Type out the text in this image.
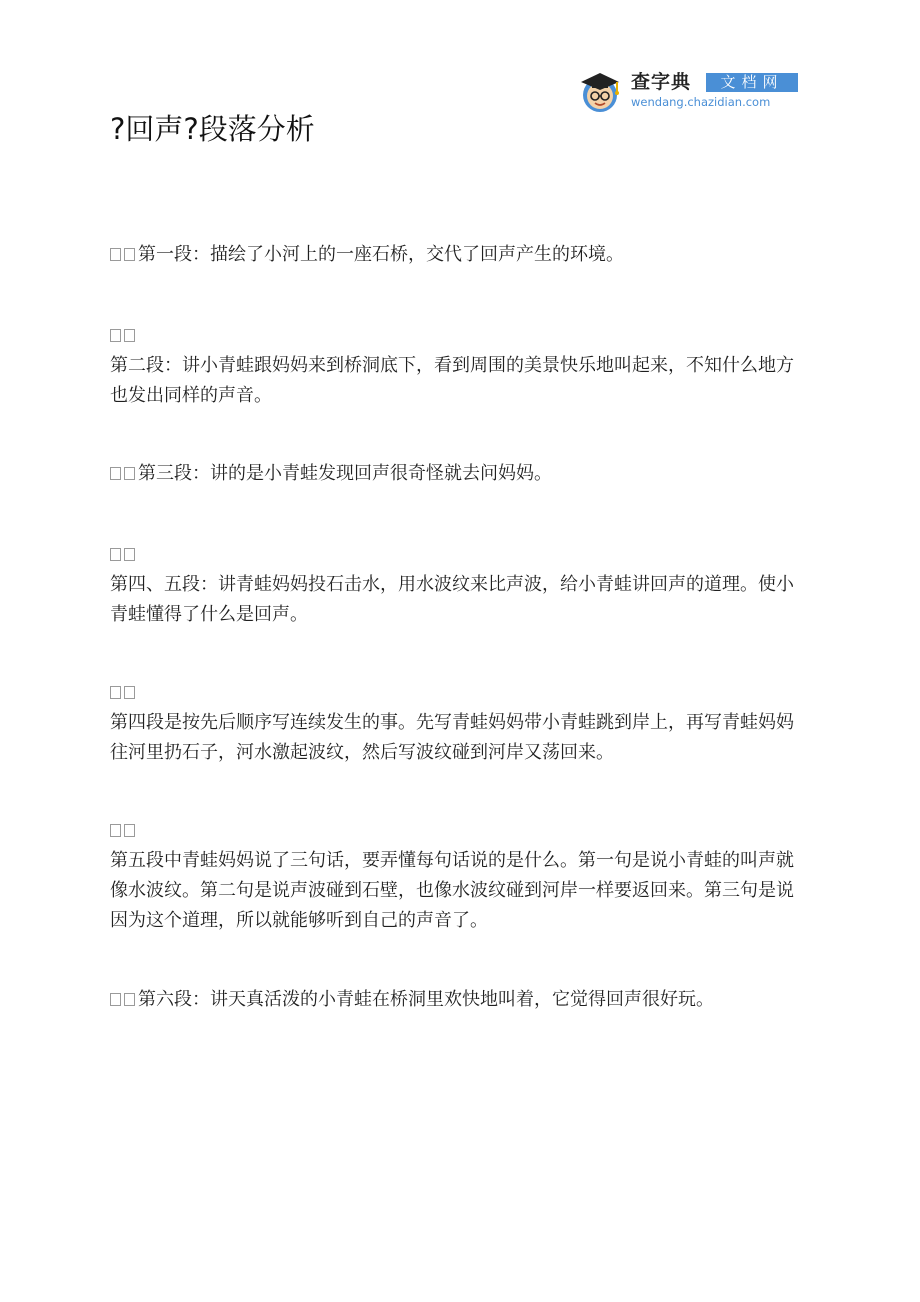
查字典	文档网
wendang.chazidian.com
?回声?段落分析

第一段：描绘了小河上的一座石桥，交代了回声产生的环境。

第二段：讲小青蛙跟妈妈来到桥洞底下，看到周围的美景快乐地叫起来，不知什么地方也发出同样的声音。

第三段：讲的是小青蛙发现回声很奇怪就去问妈妈。

第四、五段：讲青蛙妈妈投石击水，用水波纹来比声波，给小青蛙讲回声的道理。使小青蛙懂得了什么是回声。

第四段是按先后顺序写连续发生的事。先写青蛙妈妈带小青蛙跳到岸上，再写青蛙妈妈往河里扔石子，河水激起波纹，然后写波纹碰到河岸又荡回来。

第五段中青蛙妈妈说了三句话，要弄懂每句话说的是什么。第一句是说小青蛙的叫声就像水波纹。第二句是说声波碰到石壁，也像水波纹碰到河岸一样要返回来。第三句是说因为这个道理，所以就能够听到自己的声音了。

第六段：讲天真活泼的小青蛙在桥洞里欢快地叫着，它觉得回声很好玩。
